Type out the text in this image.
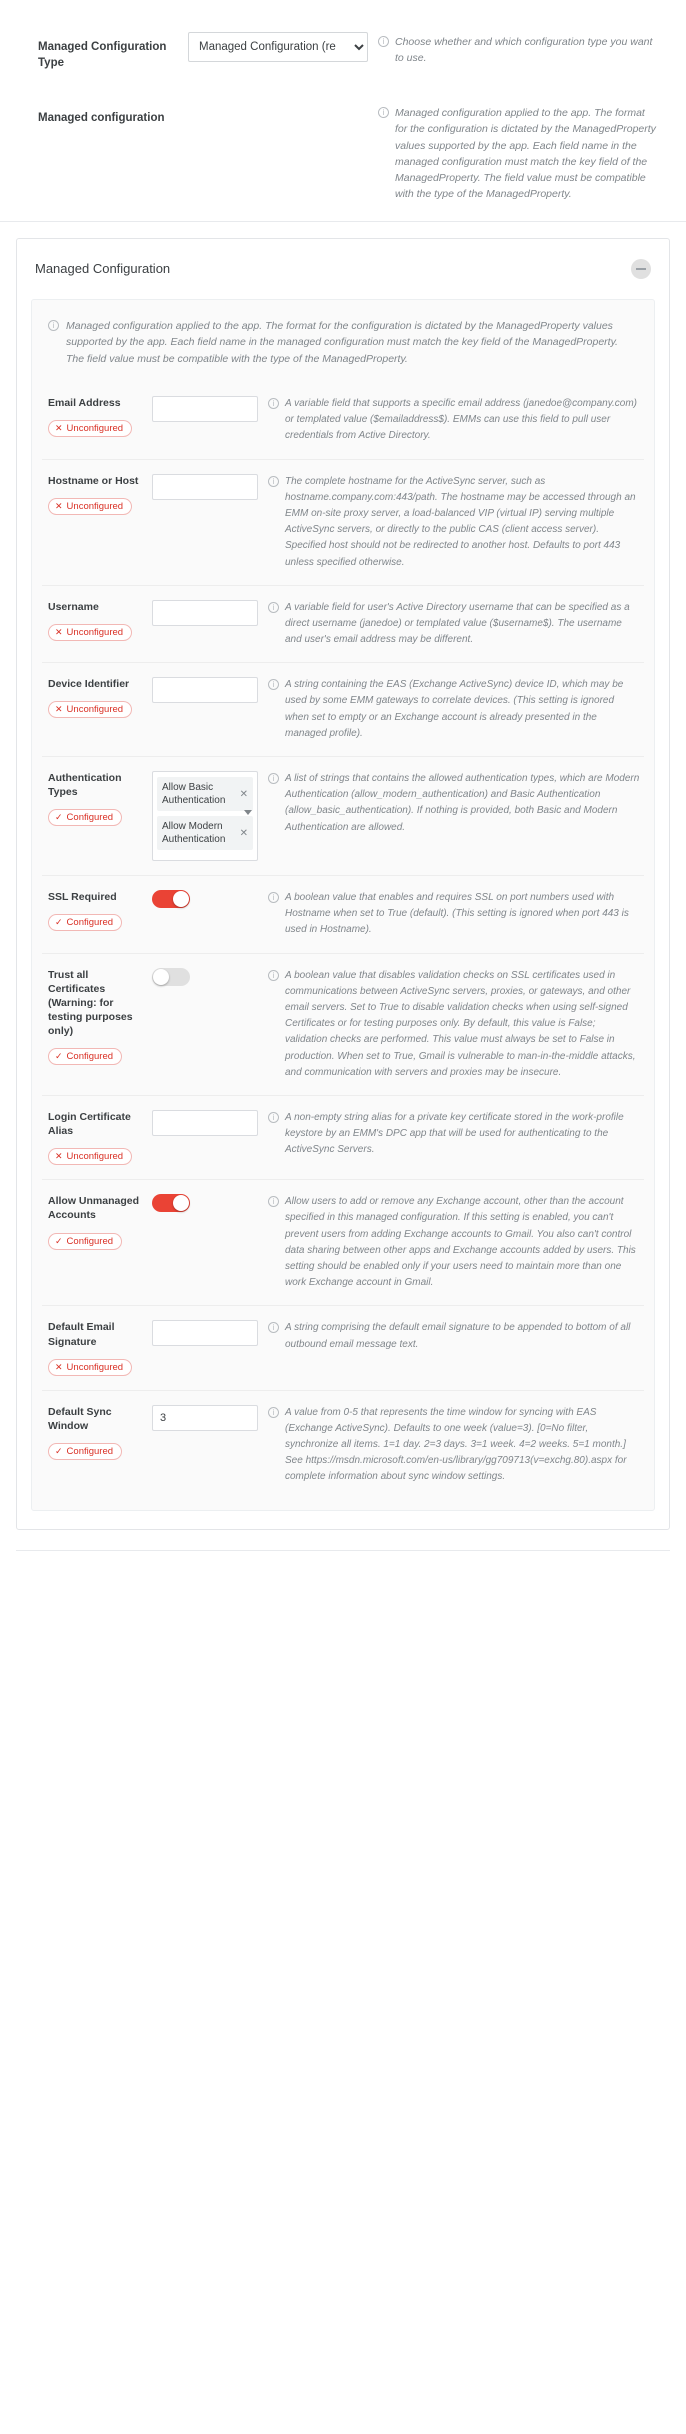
Managed Configuration Type
Managed Configuration (re
i	Choose whether and which configuration type you want to use.
Managed configuration	i	Managed configuration applied to the app. The format for the configuration is dictated by the ManagedProperty values supported by the app. Each field name in the managed configuration must match the key field of the ManagedProperty. The field value must be compatible with the type of the ManagedProperty.
Managed Configuration
i	Managed configuration applied to the app. The format for the configuration is dictated by the ManagedProperty values supported by the app. Each field name in the managed configuration must match the key field of the ManagedProperty. The field value must be compatible with the type of the ManagedProperty.
Email Address
✕ Unconfigured
i	A variable field that supports a specific email address (janedoe@company.com) or templated value ($emailaddress$). EMMs can use this field to pull user credentials from Active Directory.
Hostname or Host
✕ Unconfigured
i	The complete hostname for the ActiveSync server, such as hostname.company.com:443/path. The hostname may be accessed through an EMM on-site proxy server, a load-balanced VIP (virtual IP) serving multiple ActiveSync servers, or directly to the public CAS (client access server). Specified host should not be redirected to another host. Defaults to port 443 unless specified otherwise.
Username
✕ Unconfigured
i	A variable field for user's Active Directory username that can be specified as a direct username (janedoe) or templated value ($username$). The username and user's email address may be different.
Device Identifier
✕ Unconfigured
i	A string containing the EAS (Exchange ActiveSync) device ID, which may be used by some EMM gateways to correlate devices. (This setting is ignored when set to empty or an Exchange account is already presented in the managed profile).
Authentication Types
✓ Configured
Allow Basic Authentication
✕
Allow Modern Authentication
✕
i	A list of strings that contains the allowed authentication types, which are Modern Authentication (allow_modern_authentication) and Basic Authentication (allow_basic_authentication). If nothing is provided, both Basic and Modern Authentication are allowed.
SSL Required
✓ Configured
i	A boolean value that enables and requires SSL on port numbers used with Hostname when set to True (default). (This setting is ignored when port 443 is used in Hostname).
Trust all Certificates (Warning: for testing purposes only)
✓ Configured
i	A boolean value that disables validation checks on SSL certificates used in communications between ActiveSync servers, proxies, or gateways, and other email servers. Set to True to disable validation checks when using self-signed Certificates or for testing purposes only. By default, this value is False; validation checks are performed. This value must always be set to False in production. When set to True, Gmail is vulnerable to man-in-the-middle attacks, and communication with servers and proxies may be insecure.
Login Certificate Alias
✕ Unconfigured
i	A non-empty string alias for a private key certificate stored in the work-profile keystore by an EMM's DPC app that will be used for authenticating to the ActiveSync Servers.
Allow Unmanaged Accounts
✓ Configured
i	Allow users to add or remove any Exchange account, other than the account specified in this managed configuration. If this setting is enabled, you can't prevent users from adding Exchange accounts to Gmail. You also can't control data sharing between other apps and Exchange accounts added by users. This setting should be enabled only if your users need to maintain more than one work Exchange account in Gmail.
Default Email Signature
✕ Unconfigured
i	A string comprising the default email signature to be appended to bottom of all outbound email message text.
Default Sync Window
✓ Configured
3
i	A value from 0-5 that represents the time window for syncing with EAS (Exchange ActiveSync). Defaults to one week (value=3). [0=No filter, synchronize all items. 1=1 day. 2=3 days. 3=1 week. 4=2 weeks. 5=1 month.] See https://msdn.microsoft.com/en-us/library/gg709713(v=exchg.80).aspx for complete information about sync window settings.
